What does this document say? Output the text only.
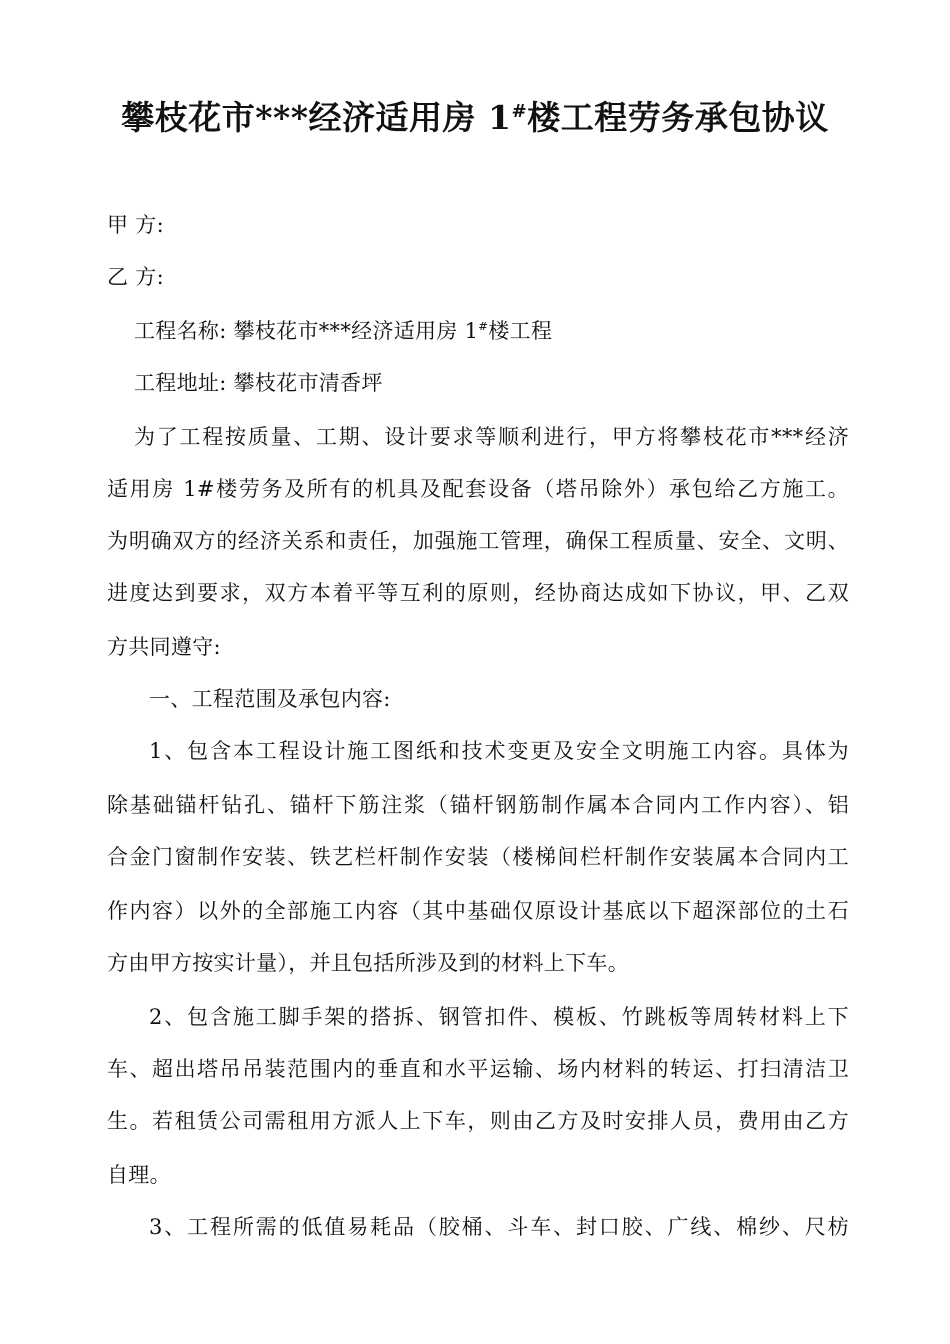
攀枝花市***经济适用房 1#楼工程劳务承包协议
甲 方:
乙 方:
工程名称: 攀枝花市***经济适用房 1#楼工程
工程地址: 攀枝花市清香坪
为了工程按质量、工期、设计要求等顺利进行，甲方将攀枝花市***经济
适用房 1#楼劳务及所有的机具及配套设备（塔吊除外）承包给乙方施工。
为明确双方的经济关系和责任，加强施工管理，确保工程质量、安全、文明、
进度达到要求，双方本着平等互利的原则，经协商达成如下协议，甲、乙双
方共同遵守:
一、工程范围及承包内容:
1、包含本工程设计施工图纸和技术变更及安全文明施工内容。具体为
除基础锚杆钻孔、锚杆下筋注浆（锚杆钢筋制作属本合同内工作内容）、铝
合金门窗制作安装、铁艺栏杆制作安装（楼梯间栏杆制作安装属本合同内工
作内容）以外的全部施工内容（其中基础仅原设计基底以下超深部位的土石
方由甲方按实计量），并且包括所涉及到的材料上下车。
2、包含施工脚手架的搭拆、钢管扣件、模板、竹跳板等周转材料上下
车、超出塔吊吊装范围内的垂直和水平运输、场内材料的转运、打扫清洁卫
生。若租赁公司需租用方派人上下车，则由乙方及时安排人员，费用由乙方
自理。
3、工程所需的低值易耗品（胶桶、斗车、封口胶、广线、棉纱、尺枋
